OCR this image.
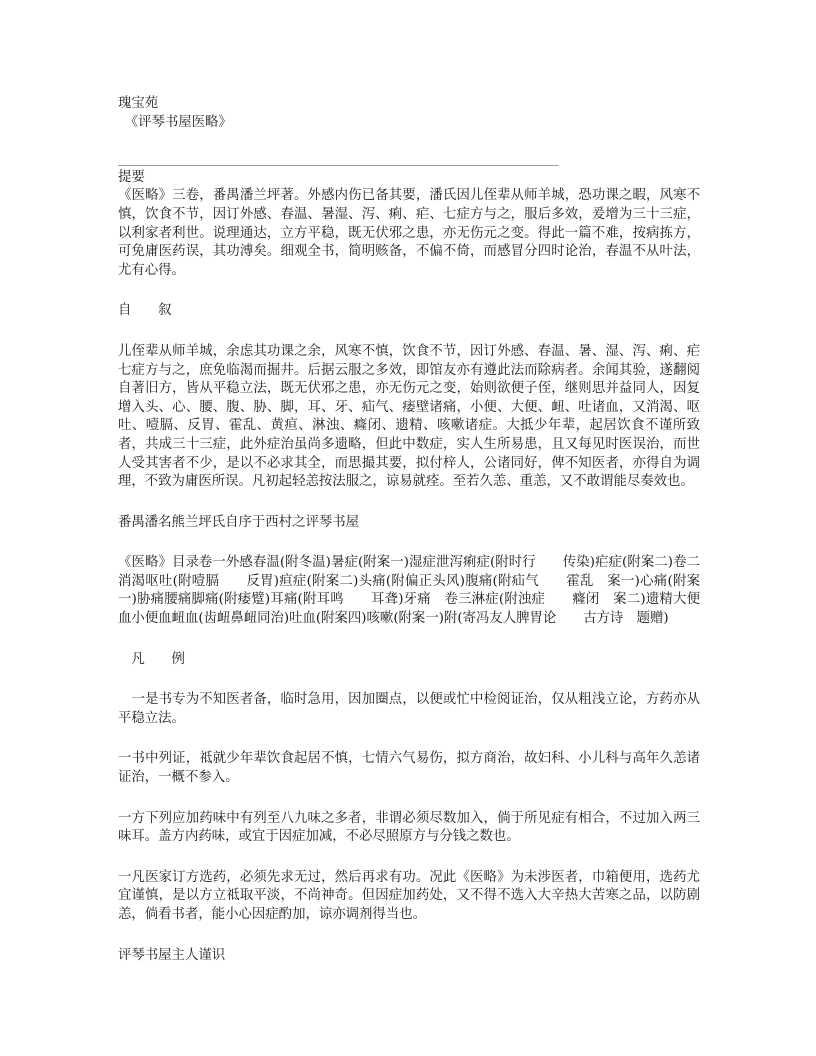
瑰宝苑
　《评琴书屋医略》
________________________________________________________________________________
提要
《医略》三卷，番禺潘兰坪著。外感内伤已备其要，潘氏因儿侄辈从师羊城，恐功课之暇，风寒不慎，饮食不节，因订外感、春温、暑湿、泻、痢、疟、七症方与之，服后多效，爰增为三十三症，以利家者利世。说理通达，立方平稳，既无伏邪之患，亦无伤元之变。得此一篇不难，按病拣方，可免庸医药误，其功溥矣。细观全书，简明赅备，不偏不倚，而感冒分四时论治，春温不从叶法，尤有心得。
自　　叙
儿侄辈从师羊城，余虑其功课之余，风寒不慎，饮食不节，因订外感、春温、暑、湿、泻、痢、疟七症方与之，庶免临渴而掘井。后据云服之多效，即馆友亦有遵此法而除病者。余闻其验，遂翻阅自著旧方，皆从平稳立法，既无伏邪之患，亦无伤元之变，始则欲便子侄，继则思并益同人，因复增入头、心、腰、腹、胁、脚，耳、牙、疝气、痿壁诸痛，小便、大便、衄、吐诸血，又消渴、呕吐、噎膈、反胃、霍乱、黄疸、淋浊、癃闭、遗精、咳嗽诸症。大抵少年辈，起居饮食不谨所致者，共成三十三症，此外症治虽尚多遗略，但此中数症，实人生所易患，且又每见时医误治，而世人受其害者不少，是以不必求其全，而思撮其要，拟付梓人，公诸同好，俾不知医者，亦得自为调理，不致为庸医所误。凡初起轻恙按法服之，谅易就痊。至若久恙、重恙，又不敢谓能尽奏效也。
番禺潘名熊兰坪氏自序于西村之评琴书屋
《医略》目录卷一外感春温(附冬温)暑症(附案一)湿症泄泻痢症(附时行　　传染)疟症(附案二)卷二消渴呕吐(附噎膈　　反胃)疸症(附案二)头痛(附偏正头风)腹痛(附疝气　　霍乱　案一)心痛(附案一)胁痛腰痛脚痛(附痿躄)耳痛(附耳鸣　　耳聋)牙痛　卷三淋症(附浊症　　癃闭　案二)遗精大便血小便血衄血(齿衄鼻衄同治)吐血(附案四)咳嗽(附案一)附(寄冯友人脾胃论　　古方诗　题赠)
　凡　　例
　一是书专为不知医者备，临时急用，因加圈点，以便或忙中检阅证治，仅从粗浅立论，方药亦从平稳立法。
一书中列证，祗就少年辈饮食起居不慎，七情六气易伤，拟方商治，故妇科、小儿科与高年久恙诸证治，一概不参入。
一方下列应加药味中有列至八九味之多者，非谓必须尽数加入，倘于所见症有相合，不过加入两三味耳。盖方内药味，或宜于因症加减，不必尽照原方与分钱之数也。
一凡医家订方选药，必须先求无过，然后再求有功。况此《医略》为未涉医者，巾箱便用，选药尤宜谨慎，是以方立祗取平淡，不尚神奇。但因症加药处，又不得不选入大辛热大苦寒之品，以防剧恙，倘看书者，能小心因症酌加，谅亦调剂得当也。
评琴书屋主人谨识
